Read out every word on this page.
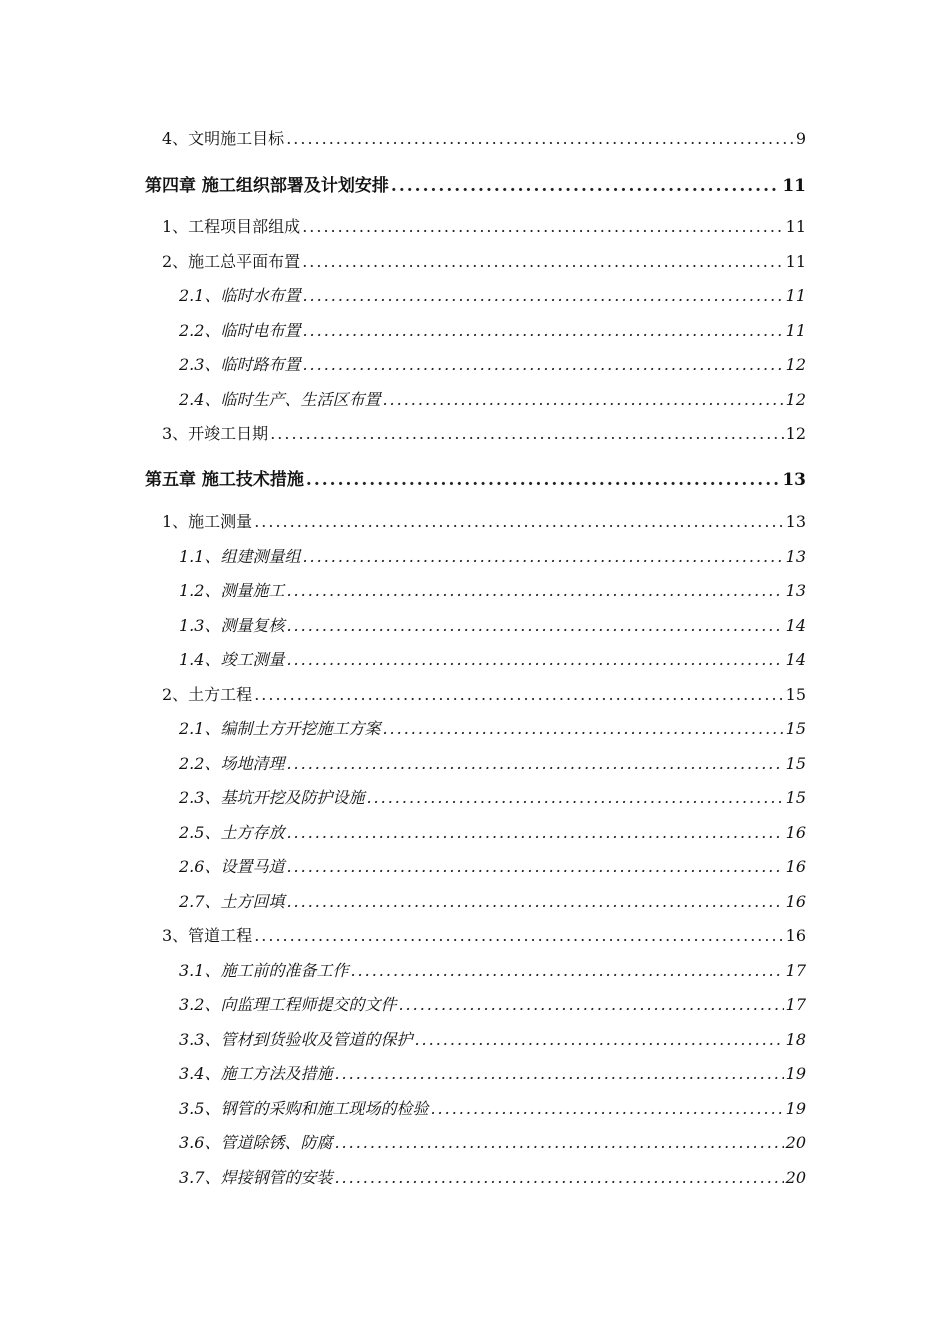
4、文明施工目标 .....	9
第四章 施工组织部署及计划安排 .....	11
1、工程项目部组成 .....	11
2、施工总平面布置 .....	11
2.1、临时水布置 .....	11
2.2、临时电布置 .....	11
2.3、临时路布置 .....	12
2.4、临时生产、生活区布置 .....	12
3、开竣工日期 .....	12
第五章 施工技术措施 .....	13
1、施工测量 .....	13
1.1、组建测量组 .....	13
1.2、测量施工 .....	13
1.3、测量复核 .....	14
1.4、竣工测量 .....	14
2、土方工程 .....	15
2.1、编制土方开挖施工方案 .....	15
2.2、场地清理 .....	15
2.3、基坑开挖及防护设施 .....	15
2.5、土方存放 .....	16
2.6、设置马道 .....	16
2.7、土方回填 .....	16
3、管道工程 .....	16
3.1、施工前的准备工作 .....	17
3.2、向监理工程师提交的文件 .....	17
3.3、管材到货验收及管道的保护 .....	18
3.4、施工方法及措施 .....	19
3.5、钢管的采购和施工现场的检验 .....	19
3.6、管道除锈、防腐 .....	20
3.7、焊接钢管的安装 .....	20
